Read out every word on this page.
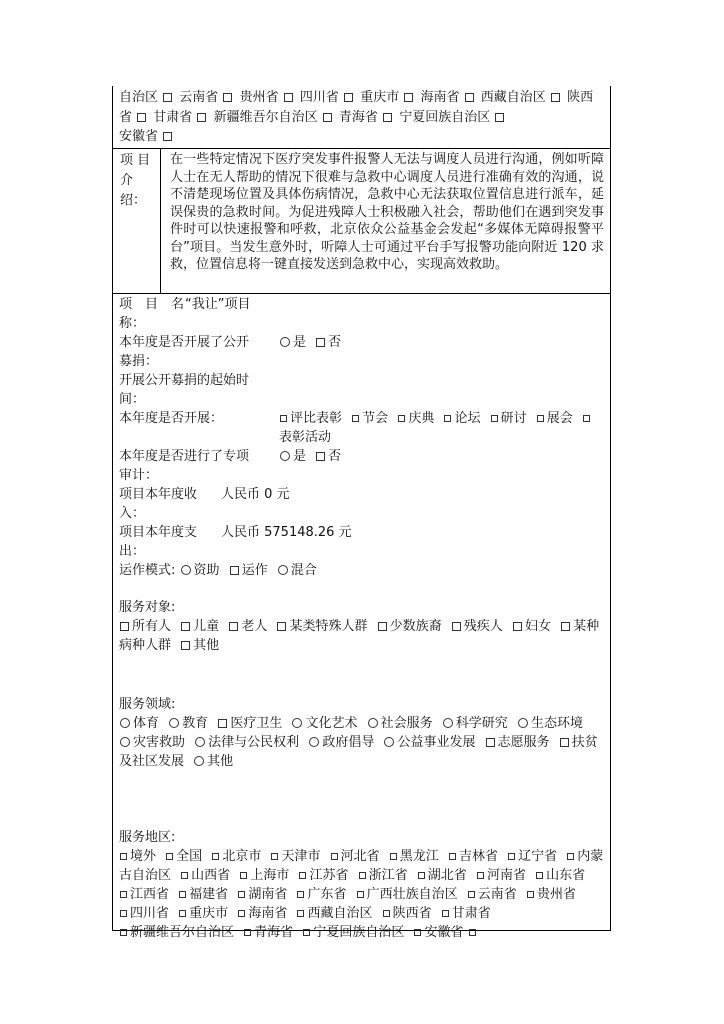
自治区 云南省 贵州省 四川省 重庆市 海南省 西藏自治区 陕西省 甘肃省 新疆维吾尔自治区 青海省 宁夏回族自治区
安徽省
项 目 介
绍：
在一些特定情况下医疗突发事件报警人无法与调度人员进行沟通，例如听障人士在无人帮助的情况下很难与急救中心调度人员进行准确有效的沟通，说不清楚现场位置及具体伤病情况，急救中心无法获取位置信息进行派车，延误保贵的急救时间。为促进残障人士积极融入社会，帮助他们在遇到突发事件时可以快速报警和呼救，北京依众公益基金会发起“多媒体无障碍报警平台”项目。当发生意外时，听障人士可通过平台手写报警功能向附近 120 求救，位置信息将一键直接发送到急救中心，实现高效救助。
项　目　名
称：
“我让”项目
本年度是否开展了公开
募捐：
是 否
开展公开募捐的起始时
间：
本年度是否开展：	评比表彰 节会 庆典 论坛 研讨 展会 表彰活动
本年度是否进行了专项
审计：
是 否
项目本年度收
入：
人民币 0 元
项目本年度支
出：
人民币 575148.26 元
运作模式: 资助 运作 混合
服务对象:
所有人 儿童 老人 某类特殊人群 少数族裔 残疾人 妇女 某种病种人群 其他
服务领域:
体育 教育 医疗卫生 文化艺术 社会服务 科学研究 生态环境 灾害救助 法律与公民权利 政府倡导 公益事业发展 志愿服务 扶贫及社区发展 其他
服务地区:
境外 全国 北京市 天津市 河北省 黑龙江 吉林省 辽宁省 内蒙古自治区 山西省 上海市 江苏省 浙江省 湖北省 河南省 山东省 江西省 福建省 湖南省 广东省 广西壮族自治区 云南省 贵州省 四川省 重庆市 海南省 西藏自治区 陕西省 甘肃省 新疆维吾尔自治区 青海省 宁夏回族自治区 安徽省
